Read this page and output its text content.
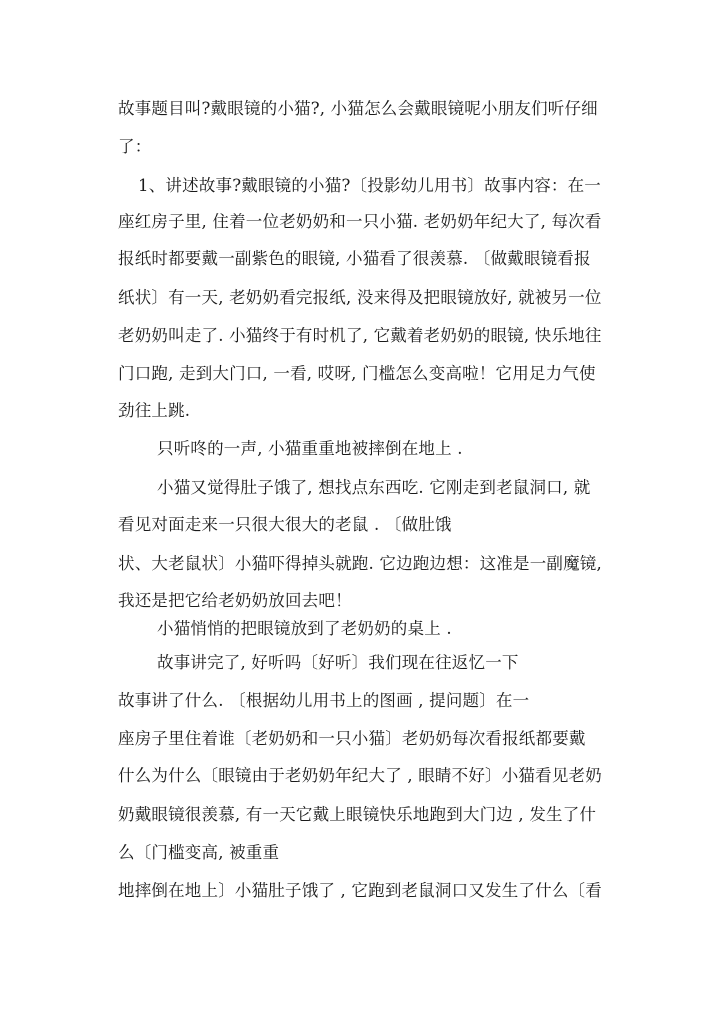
故事题目叫?戴眼镜的小猫?, 小猫怎么会戴眼镜呢小朋友们听仔细
了：
1、讲述故事?戴眼镜的小猫?〔投影幼儿用书〕故事内容：在一
座红房子里, 住着一位老奶奶和一只小猫. 老奶奶年纪大了, 每次看
报纸时都要戴一副紫色的眼镜, 小猫看了很羡慕. 〔做戴眼镜看报
纸状〕有一天, 老奶奶看完报纸, 没来得及把眼镜放好, 就被另一位
老奶奶叫走了. 小猫终于有时机了, 它戴着老奶奶的眼镜, 快乐地往
门口跑, 走到大门口, 一看, 哎呀, 门槛怎么变高啦！它用足力气使
劲往上跳.
只听咚的一声, 小猫重重地被摔倒在地上 .
小猫又觉得肚子饿了, 想找点东西吃. 它刚走到老鼠洞口, 就
看见对面走来一只很大很大的老鼠 . 〔做肚饿
状、大老鼠状〕小猫吓得掉头就跑. 它边跑边想：这准是一副魔镜,
我还是把它给老奶奶放回去吧！
小猫悄悄的把眼镜放到了老奶奶的桌上 .
故事讲完了, 好听吗〔好听〕我们现在往返忆一下
故事讲了什么. 〔根据幼儿用书上的图画 , 提问题〕在一
座房子里住着谁〔老奶奶和一只小猫〕老奶奶每次看报纸都要戴
什么为什么〔眼镜由于老奶奶年纪大了 , 眼睛不好〕小猫看见老奶
奶戴眼镜很羡慕, 有一天它戴上眼镜快乐地跑到大门边 , 发生了什
么〔门槛变高, 被重重
地摔倒在地上〕小猫肚子饿了 , 它跑到老鼠洞口又发生了什么〔看
